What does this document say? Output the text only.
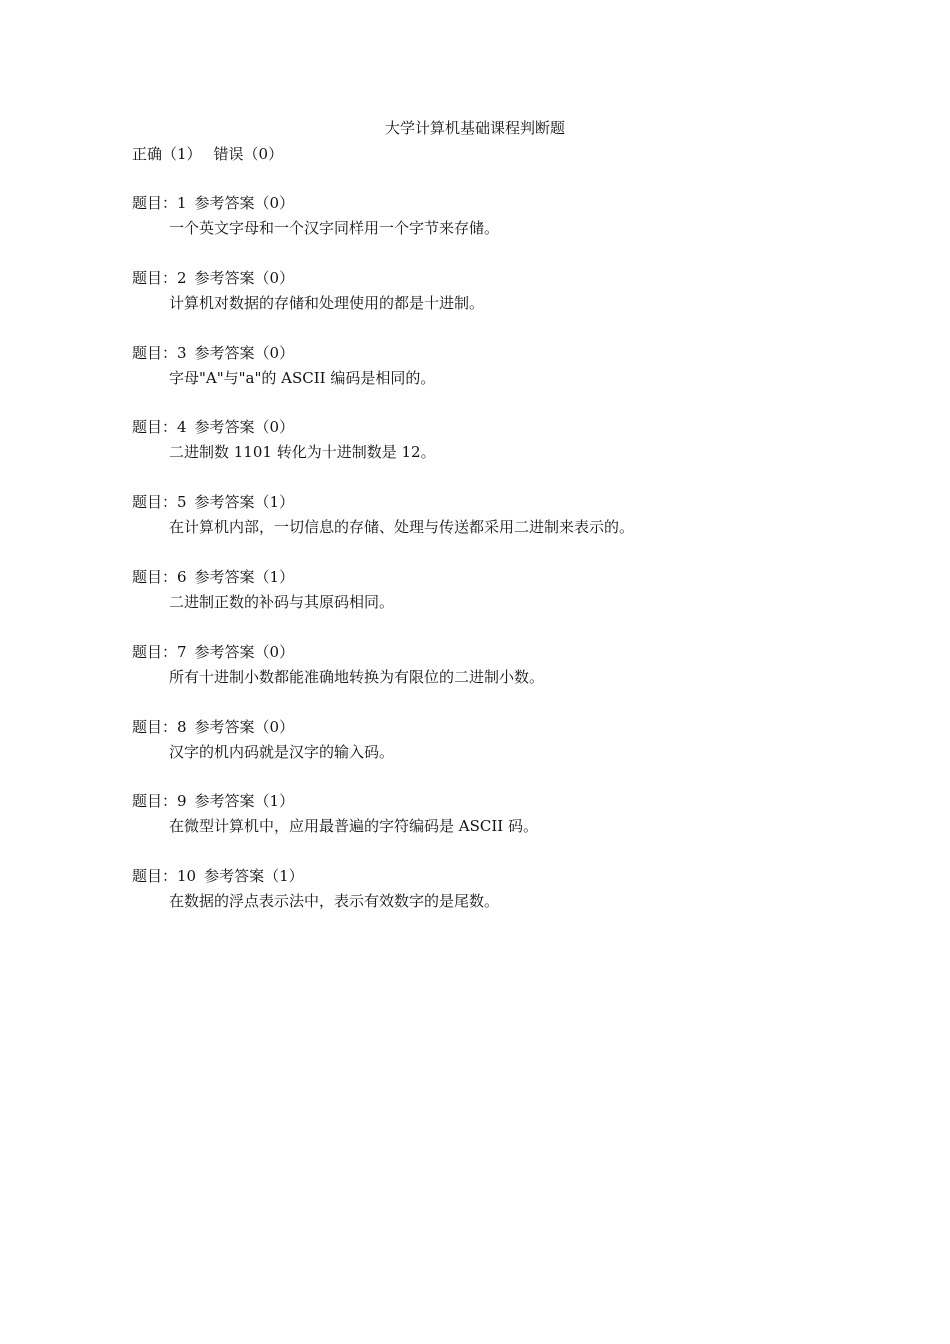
大学计算机基础课程判断题
正确（1） 错误（0）
题目：1 参考答案（0）
一个英文字母和一个汉字同样用一个字节来存储。
题目：2 参考答案（0）
计算机对数据的存储和处理使用的都是十进制。
题目：3 参考答案（0）
字母"A"与"a"的 ASCII 编码是相同的。
题目：4 参考答案（0）
二进制数 1101 转化为十进制数是 12。
题目：5 参考答案（1）
在计算机内部，一切信息的存储、处理与传送都采用二进制来表示的。
题目：6 参考答案（1）
二进制正数的补码与其原码相同。
题目：7 参考答案（0）
所有十进制小数都能准确地转换为有限位的二进制小数。
题目：8 参考答案（0）
汉字的机内码就是汉字的输入码。
题目：9 参考答案（1）
在微型计算机中，应用最普遍的字符编码是 ASCII 码。
题目：10 参考答案（1）
在数据的浮点表示法中，表示有效数字的是尾数。
